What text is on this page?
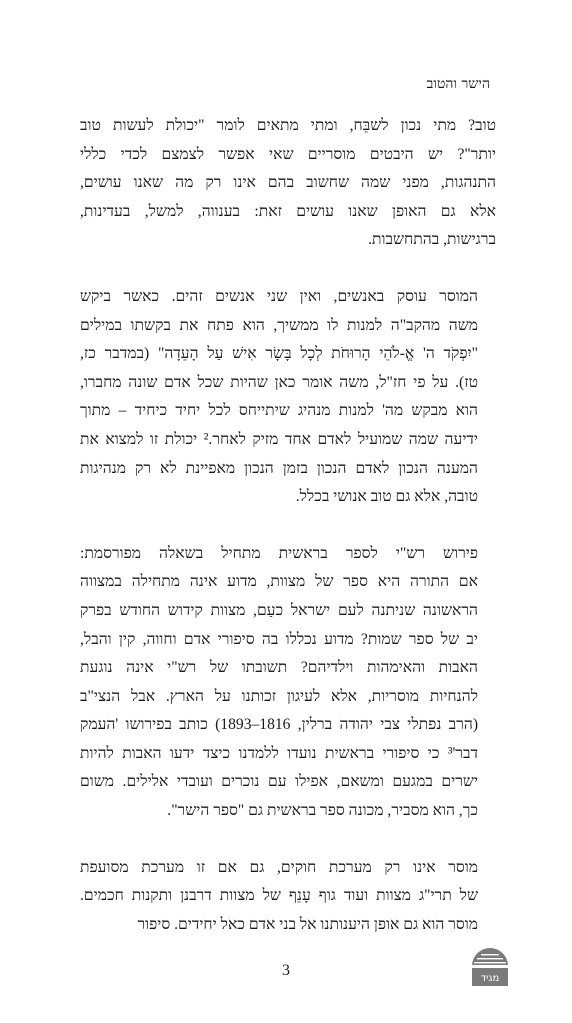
הישר והטוב

טוב? מתי נכון לשבֵּח, ומתי מתאים לומר "יכולת לעשות טוב
יותר"? יש היבטים מוסריים שאי אפשר לצמצם לכדי כללי
התנהגות, מפני שמה שחשוב בהם אינו רק מה שאנו עושים,
אלא גם האופן שאנו עושים זאת: בענווה, למשל, בעדינות,
ברגישות, בהתחשבות.

המוסר עוסק באנשים, ואין שני אנשים זהים. כאשר ביקש
משה מהקב"ה למנות לו ממשיך, הוא פתח את בקשתו במילים
"יִפְקֹד ה' אֱ-לֹהֵי הָרוּחֹת לְכָל בָּשָׂר אִישׁ עַל הָעֵדָה" (במדבר כז,
טז). על פי חז"ל, משה אומר כאן שהיות שכל אדם שונה מחברו,
הוא מבקש מה' למנות מנהיג שיתייחס לכל יחיד כיחיד – מתוך
ידיעה שמה שמועיל לאדם אחד מזיק לאחר.² יכולת זו למצוא את
המענה הנכון לאדם הנכון בזמן הנכון מאפיינת לא רק מנהיגות
טובה, אלא גם טוב אנושי בכלל.

פירוש רש"י לספר בראשית מתחיל בשאלה מפורסמת:
אם התורה היא ספר של מצוות, מדוע אינה מתחילה במצווה
הראשונה שניתנה לעם ישראל כעַם, מצוות קידוש החודש בפרק
יב של ספר שמות? מדוע נכללו בה סיפורי אדם וחווה, קין והבל,
האבות והאימהות וילדיהם? תשובתו של רש"י אינה נוגעת
להנחיות מוסריות, אלא לעיגון זכותנו על הארץ. אבל הנצי"ב
(הרב נפתלי צבי יהודה ברלין, 1816–1893) כותב בפירושו 'העמק
דבר'³ כי סיפורי בראשית נועדו ללמדנו כיצד ידעו האבות להיות
ישרים במגעם ומשאם, אפילו עם נוכרים ועובדי אלילים. משום
כך, הוא מסביר, מכונה ספר בראשית גם "ספר הישר".

מוסר אינו רק מערכת חוקים, גם אם זו מערכת מסועפת
של תרי"ג מצוות ועוד גוף עָנֵף של מצוות דרבנן ותקנות חכמים.
מוסר הוא גם אופן היענותנו אל בני אדם כאל יחידים. סיפור

3	מגיד
